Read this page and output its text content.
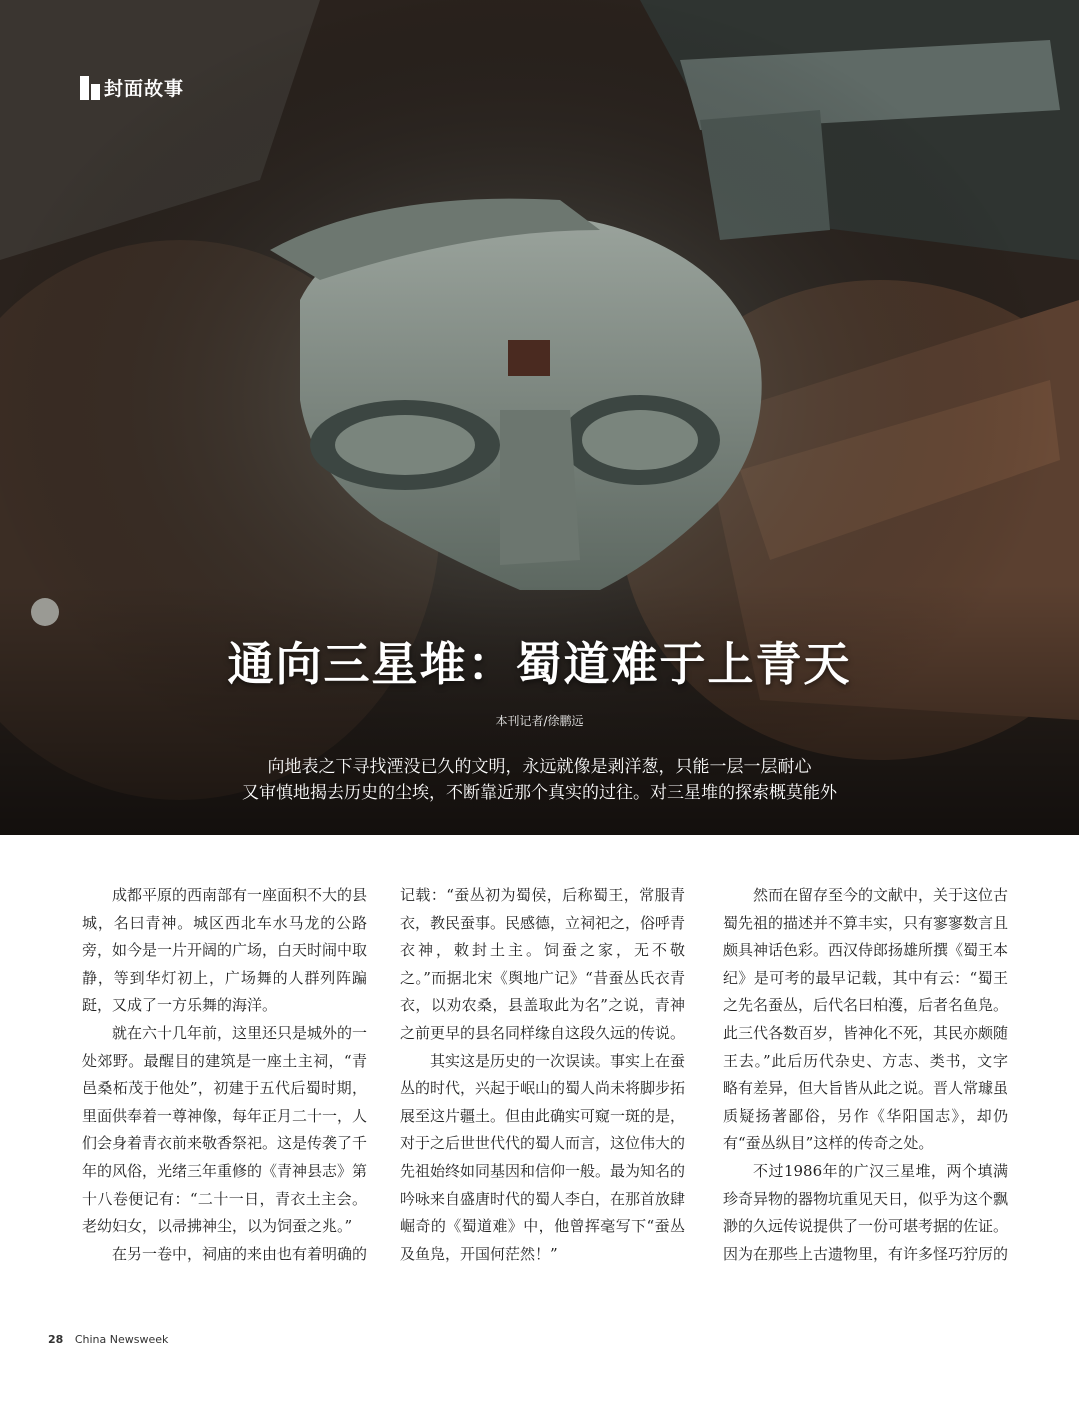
封面故事
通向三星堆：蜀道难于上青天
本刊记者/徐鹏远
向地表之下寻找湮没已久的文明，永远就像是剥洋葱，只能一层一层耐心
又审慎地揭去历史的尘埃，不断靠近那个真实的过往。对三星堆的探索概莫能外

成都平原的西南部有一座面积不大的县城，名曰青神。城区西北车水马龙的公路旁，如今是一片开阔的广场，白天时闹中取静，等到华灯初上，广场舞的人群列阵蹁跹，又成了一方乐舞的海洋。

就在六十几年前，这里还只是城外的一处郊野。最醒目的建筑是一座土主祠，“青邑桑柘茂于他处”，初建于五代后蜀时期，里面供奉着一尊神像，每年正月二十一，人们会身着青衣前来敬香祭祀。这是传袭了千年的风俗，光绪三年重修的《青神县志》第十八卷便记有：“二十一日，青衣土主会。老幼妇女，以帚拂神尘，以为饲蚕之兆。”

在另一卷中，祠庙的来由也有着明确的

记载：“蚕丛初为蜀侯，后称蜀王，常服青衣，教民蚕事。民感德，立祠祀之，俗呼青衣神，敕封土主。饲蚕之家，无不敬之。”而据北宋《舆地广记》“昔蚕丛氏衣青衣，以劝农桑，县盖取此为名”之说，青神之前更早的县名同样缘自这段久远的传说。

其实这是历史的一次误读。事实上在蚕丛的时代，兴起于岷山的蜀人尚未将脚步拓展至这片疆土。但由此确实可窥一斑的是，对于之后世世代代的蜀人而言，这位伟大的先祖始终如同基因和信仰一般。最为知名的吟咏来自盛唐时代的蜀人李白，在那首放肆崛奇的《蜀道难》中，他曾挥毫写下“蚕丛及鱼凫，开国何茫然！”

然而在留存至今的文献中，关于这位古蜀先祖的描述并不算丰实，只有寥寥数言且颇具神话色彩。西汉侍郎扬雄所撰《蜀王本纪》是可考的最早记载，其中有云：“蜀王之先名蚕丛，后代名曰柏濩，后者名鱼凫。此三代各数百岁，皆神化不死，其民亦颇随王去。”此后历代杂史、方志、类书，文字略有差异，但大旨皆从此之说。晋人常璩虽质疑扬著鄙俗，另作《华阳国志》，却仍有“蚕丛纵目”这样的传奇之处。

不过1986年的广汉三星堆，两个填满珍奇异物的器物坑重见天日，似乎为这个飘渺的久远传说提供了一份可堪考据的佐证。因为在那些上古遗物里，有许多怪巧狞厉的

28 China Newsweek
